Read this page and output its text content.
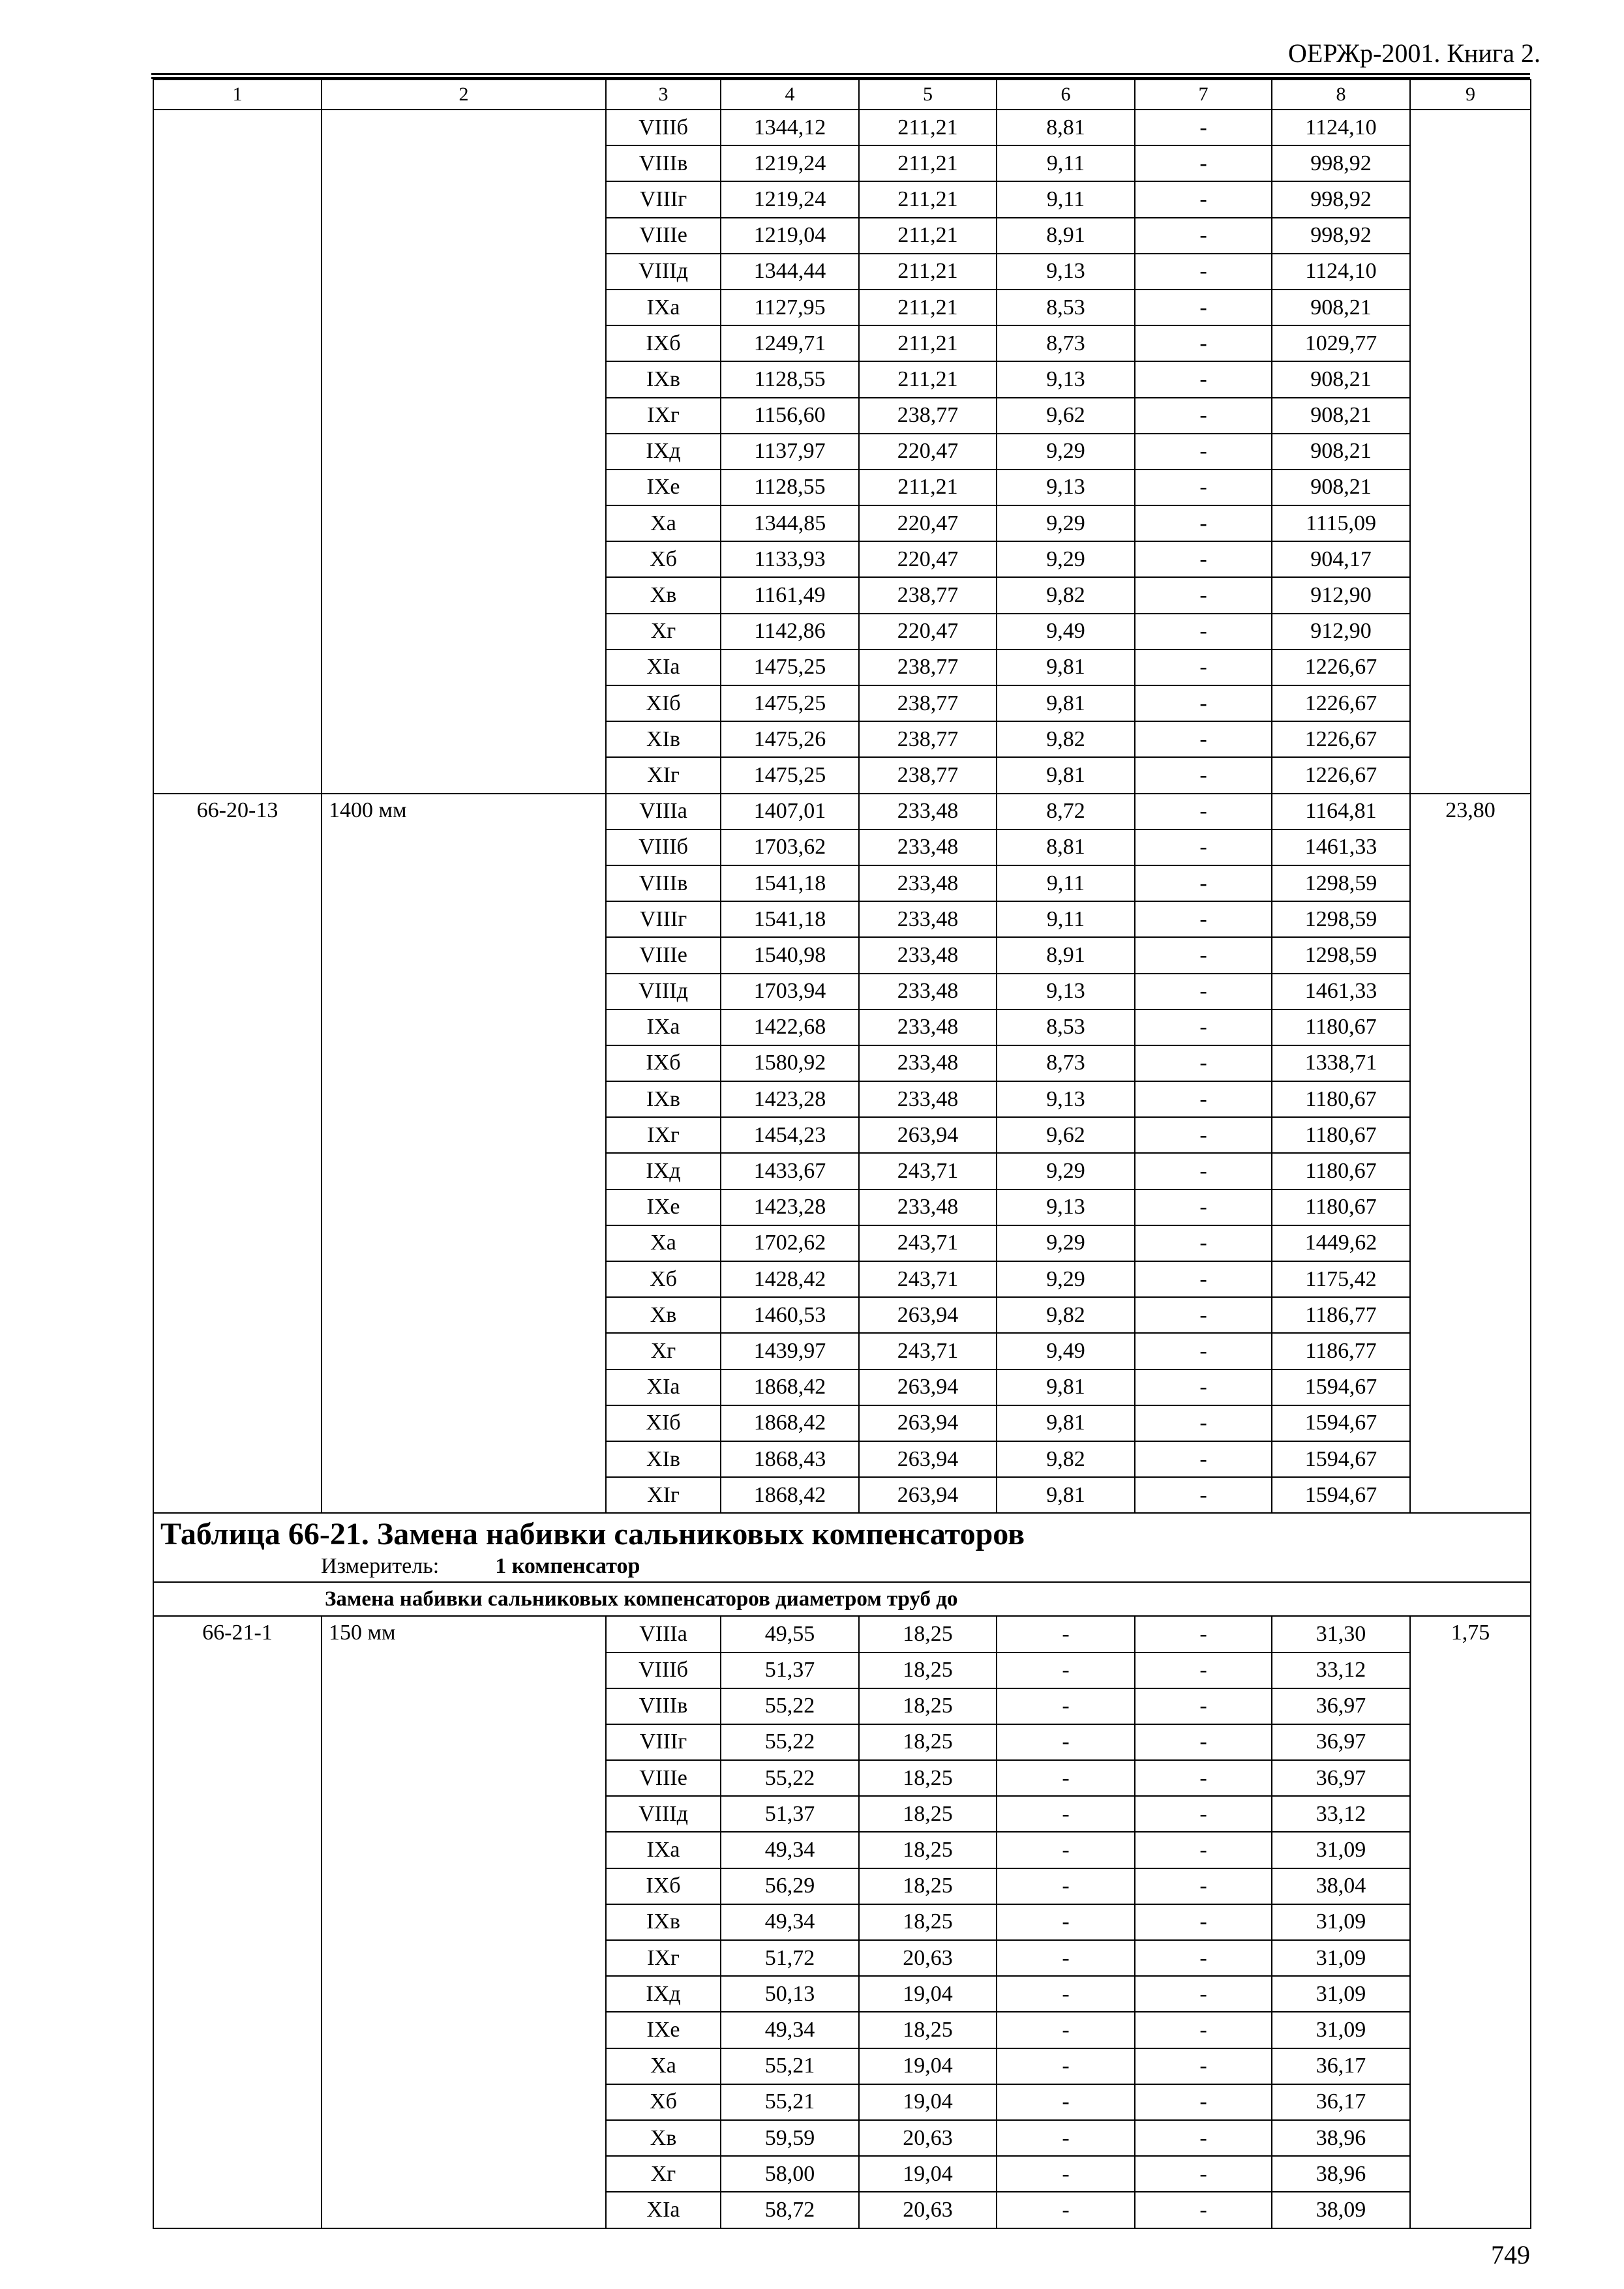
ОЕРЖр-2001. Книга 2.
1	2	3	4	5	6	7	8	9
		VIIIб	1344,12	211,21	8,81	-	1124,10	
		VIIIв	1219,24	211,21	9,11	-	998,92	
		VIIIг	1219,24	211,21	9,11	-	998,92	
		VIIIе	1219,04	211,21	8,91	-	998,92	
		VIIIд	1344,44	211,21	9,13	-	1124,10	
		IXа	1127,95	211,21	8,53	-	908,21	
		IXб	1249,71	211,21	8,73	-	1029,77	
		IXв	1128,55	211,21	9,13	-	908,21	
		IXг	1156,60	238,77	9,62	-	908,21	
		IXд	1137,97	220,47	9,29	-	908,21	
		IXе	1128,55	211,21	9,13	-	908,21	
		Xа	1344,85	220,47	9,29	-	1115,09	
		Xб	1133,93	220,47	9,29	-	904,17	
		Xв	1161,49	238,77	9,82	-	912,90	
		Xг	1142,86	220,47	9,49	-	912,90	
		XIа	1475,25	238,77	9,81	-	1226,67	
		XIб	1475,25	238,77	9,81	-	1226,67	
		XIв	1475,26	238,77	9,82	-	1226,67	
		XIг	1475,25	238,77	9,81	-	1226,67	
66-20-13	1400 мм	VIIIа	1407,01	233,48	8,72	-	1164,81	23,80
		VIIIб	1703,62	233,48	8,81	-	1461,33	
		VIIIв	1541,18	233,48	9,11	-	1298,59	
		VIIIг	1541,18	233,48	9,11	-	1298,59	
		VIIIе	1540,98	233,48	8,91	-	1298,59	
		VIIIд	1703,94	233,48	9,13	-	1461,33	
		IXа	1422,68	233,48	8,53	-	1180,67	
		IXб	1580,92	233,48	8,73	-	1338,71	
		IXв	1423,28	233,48	9,13	-	1180,67	
		IXг	1454,23	263,94	9,62	-	1180,67	
		IXд	1433,67	243,71	9,29	-	1180,67	
		IXе	1423,28	233,48	9,13	-	1180,67	
		Xа	1702,62	243,71	9,29	-	1449,62	
		Xб	1428,42	243,71	9,29	-	1175,42	
		Xв	1460,53	263,94	9,82	-	1186,77	
		Xг	1439,97	243,71	9,49	-	1186,77	
		XIа	1868,42	263,94	9,81	-	1594,67	
		XIб	1868,42	263,94	9,81	-	1594,67	
		XIв	1868,43	263,94	9,82	-	1594,67	
		XIг	1868,42	263,94	9,81	-	1594,67	

Таблица 66-21. Замена набивки сальниковых компенсаторов
Измеритель: 1 компенсатор								

Замена набивки сальниковых компенсаторов диаметром труб до								
66-21-1	150 мм	VIIIа	49,55	18,25	-	-	31,30	1,75
		VIIIб	51,37	18,25	-	-	33,12	
		VIIIв	55,22	18,25	-	-	36,97	
		VIIIг	55,22	18,25	-	-	36,97	
		VIIIе	55,22	18,25	-	-	36,97	
		VIIIд	51,37	18,25	-	-	33,12	
		IXа	49,34	18,25	-	-	31,09	
		IXб	56,29	18,25	-	-	38,04	
		IXв	49,34	18,25	-	-	31,09	
		IXг	51,72	20,63	-	-	31,09	
		IXд	50,13	19,04	-	-	31,09	
		IXе	49,34	18,25	-	-	31,09	
		Xа	55,21	19,04	-	-	36,17	
		Xб	55,21	19,04	-	-	36,17	
		Xв	59,59	20,63	-	-	38,96	
		Xг	58,00	19,04	-	-	38,96	
		XIа	58,72	20,63	-	-	38,09	
749
